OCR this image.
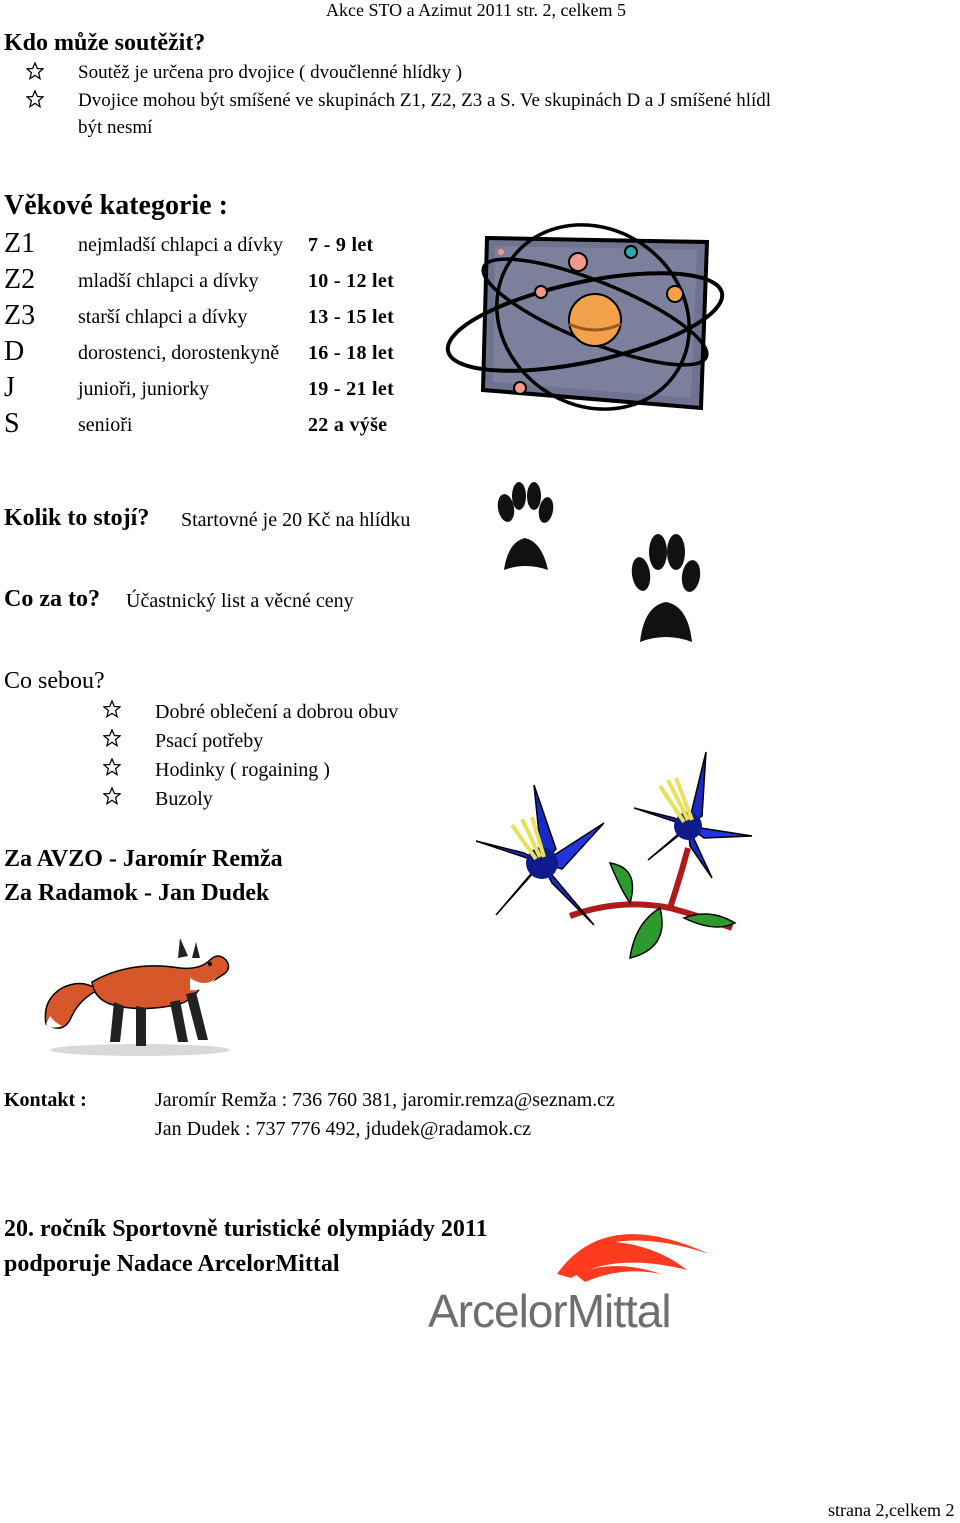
Akce STO a Azimut 2011 str. 2, celkem 5
Kdo může soutěžit?
Soutěž je určena pro dvojice ( dvoučlenné hlídky )
Dvojice mohou být smíšené ve skupinách Z1, Z2, Z3 a S. Ve skupinách D a J smíšené hlídl
být nesmí
Věkové kategorie :
Z1 nejmladší chlapci a dívky 7 - 9 let
Z2 mladší chlapci a dívky 10 - 12 let
Z3 starší chlapci a dívky	13 - 15 let
D	dorostenci, dorostenkyně 16 - 18 let
J	junioři, juniorky	19 - 21 let
S	senioři	22 a výše
Kolik to stojí? Startovné je 20 Kč na hlídku
Co za to? Účastnický list a věcné ceny
Co sebou?
Dobré oblečení a dobrou obuv
Psací potřeby
Hodinky ( rogaining )
Buzoly
Za AVZO - Jaromír Remža
Za Radamok - Jan Dudek
Kontakt :	Jaromír Remža : 736 760 381, jaromir.remza@seznam.cz
Jan Dudek : 737 776 492, jdudek@radamok.cz
20. ročník Sportovně turistické olympiády 2011
podporuje Nadace ArcelorMittal
ArcelorMittal
strana 2,celkem 2
